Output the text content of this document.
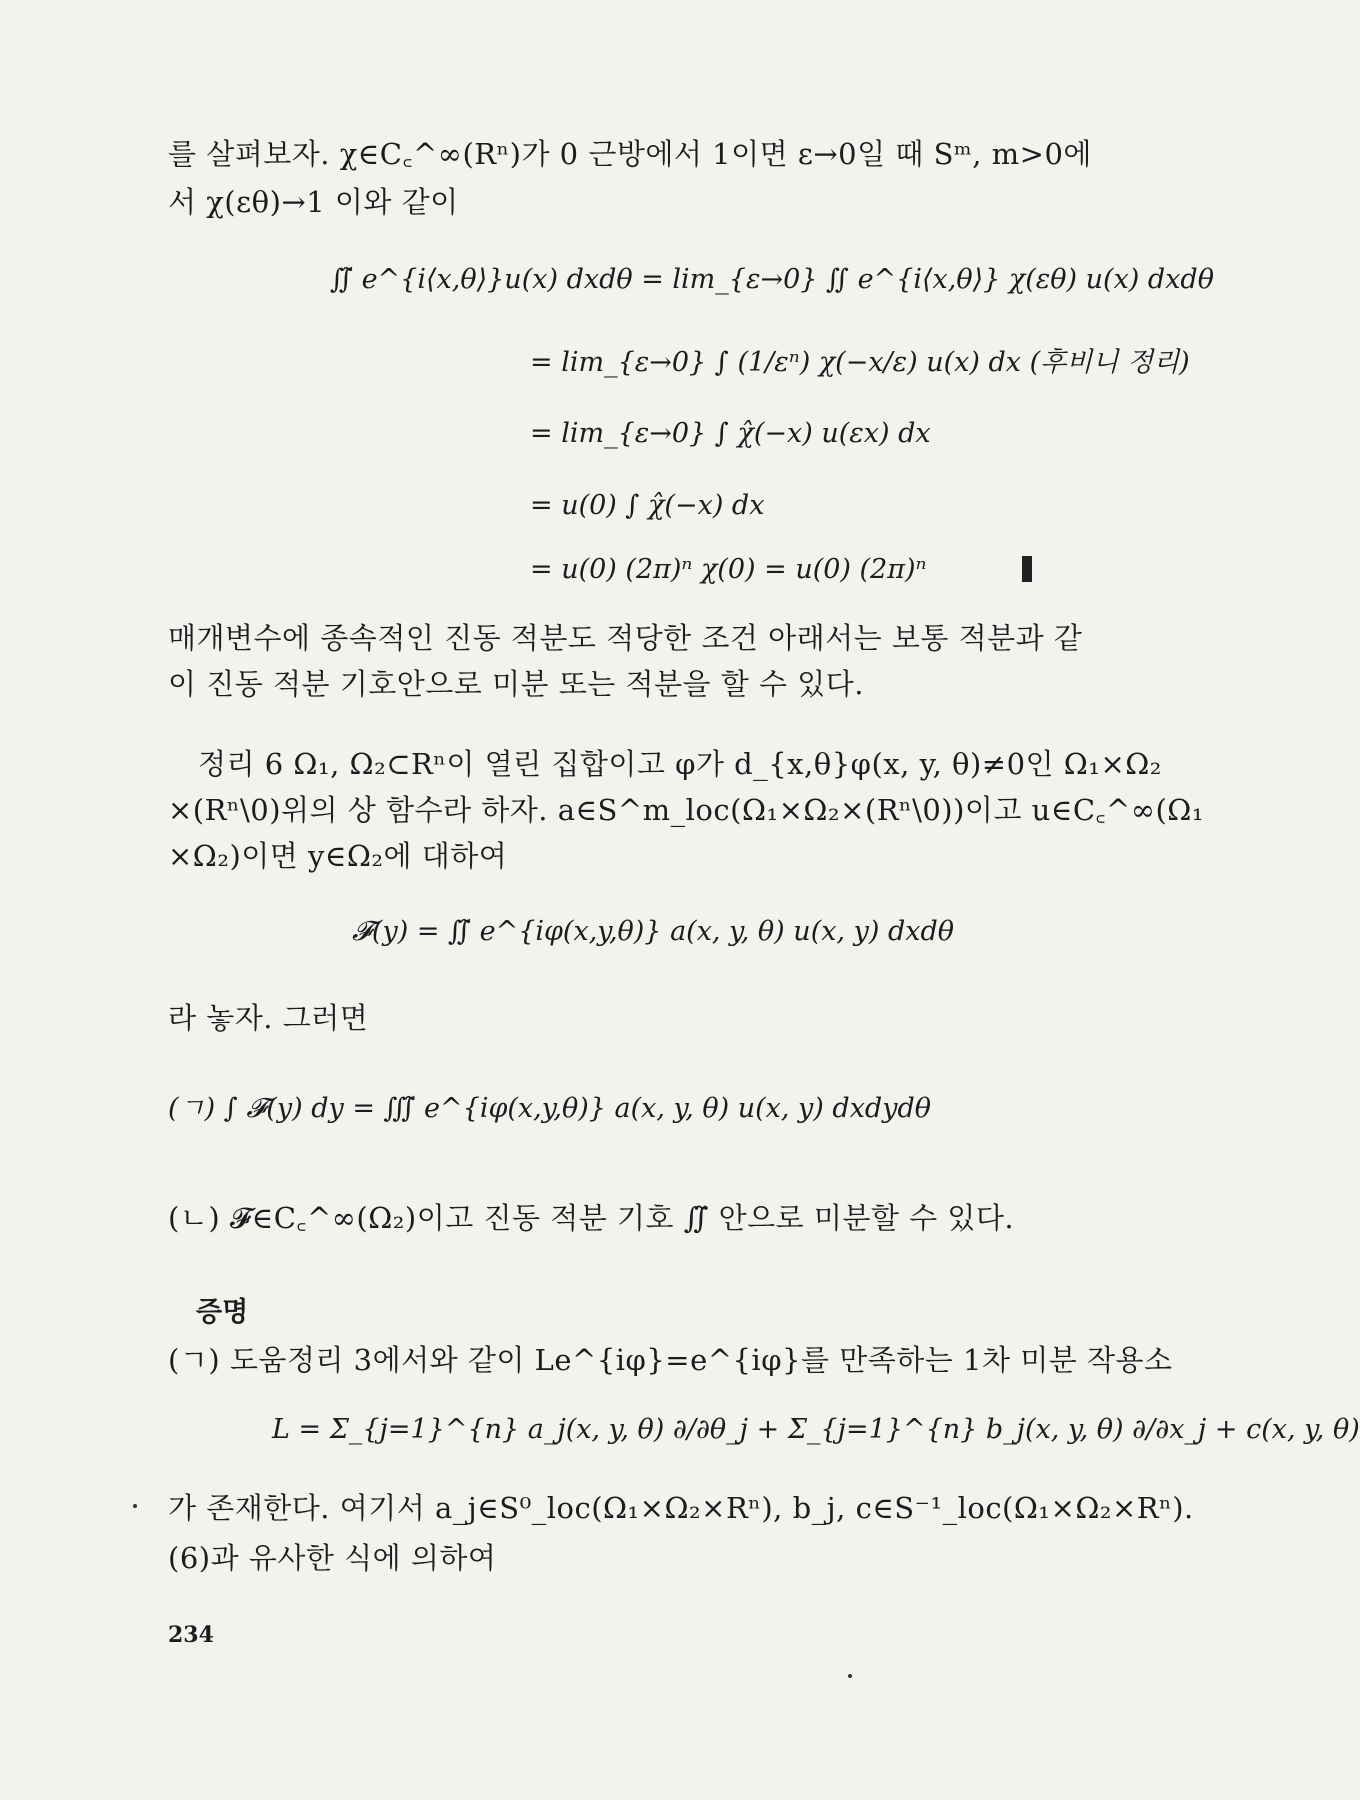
를 살펴보자. χ∈C꜀^∞(Rⁿ)가 0 근방에서 1이면 ε→0일 때 Sᵐ, m>0에
서 χ(εθ)→1 이와 같이
∬̃ e^{i⟨x,θ⟩}u(x) dxdθ = lim_{ε→0} ∬ e^{i⟨x,θ⟩} χ(εθ) u(x) dxdθ
= lim_{ε→0} ∫ (1/εⁿ) χ(−x/ε) u(x) dx (후비니 정리)
= lim_{ε→0} ∫ χ̂(−x) u(εx) dx
= u(0) ∫ χ̂(−x) dx
= u(0) (2π)ⁿ χ(0) = u(0) (2π)ⁿ
매개변수에 종속적인 진동 적분도 적당한 조건 아래서는 보통 적분과 같
이 진동 적분 기호안으로 미분 또는 적분을 할 수 있다.
정리 6 Ω₁, Ω₂⊂Rⁿ이 열린 집합이고 φ가 d_{x,θ}φ(x, y, θ)≠0인 Ω₁×Ω₂
×(Rⁿ\0)위의 상 함수라 하자. a∈S^m_loc(Ω₁×Ω₂×(Rⁿ\0))이고 u∈C꜀^∞(Ω₁
×Ω₂)이면 y∈Ω₂에 대하여
𝓕(y) = ∬̃ e^{iφ(x,y,θ)} a(x, y, θ) u(x, y) dxdθ
라 놓자. 그러면
(ㄱ) ∫ 𝓕(y) dy = ∭̃ e^{iφ(x,y,θ)} a(x, y, θ) u(x, y) dxdydθ
(ㄴ) 𝓕∈C꜀^∞(Ω₂)이고 진동 적분 기호 ∬̃ 안으로 미분할 수 있다.
증명
(ㄱ) 도움정리 3에서와 같이 Le^{iφ}=e^{iφ}를 만족하는 1차 미분 작용소
L = Σ_{j=1}^{n} a_j(x, y, θ) ∂/∂θ_j + Σ_{j=1}^{n} b_j(x, y, θ) ∂/∂x_j + c(x, y, θ)
가 존재한다. 여기서 a_j∈S⁰_loc(Ω₁×Ω₂×Rⁿ), b_j, c∈S⁻¹_loc(Ω₁×Ω₂×Rⁿ).
(6)과 유사한 식에 의하여
234
